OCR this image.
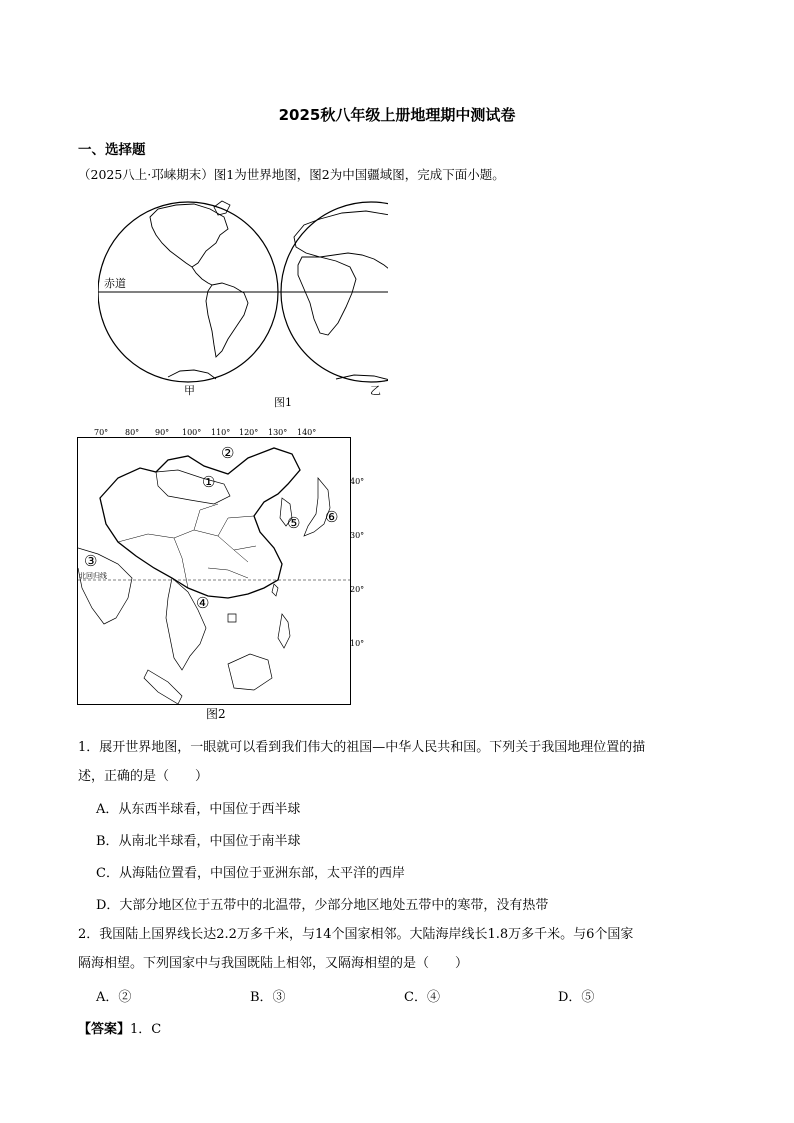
2025秋八年级上册地理期中测试卷
一、选择题
（2025八上·邛崃期末）图1为世界地图，图2为中国疆域图，完成下面小题。
赤道
甲	乙
图1
70° 80° 90° 100° 110° 120° 130° 140°
北回归线
①
②
③
④
⑤ ⑥
40°
30°
20°
10°
图2
1．展开世界地图，一眼就可以看到我们伟大的祖国—中华人民共和国。下列关于我国地理位置的描
述，正确的是（　　）
A．从东西半球看，中国位于西半球
B．从南北半球看，中国位于南半球
C．从海陆位置看，中国位于亚洲东部，太平洋的西岸
D．大部分地区位于五带中的北温带，少部分地区地处五带中的寒带，没有热带
2．我国陆上国界线长达2.2万多千米，与14个国家相邻。大陆海岸线长1.8万多千米。与6个国家
隔海相望。下列国家中与我国既陆上相邻，又隔海相望的是（　　）
A．②	B．③	C．④	D．⑤
【答案】1．C
